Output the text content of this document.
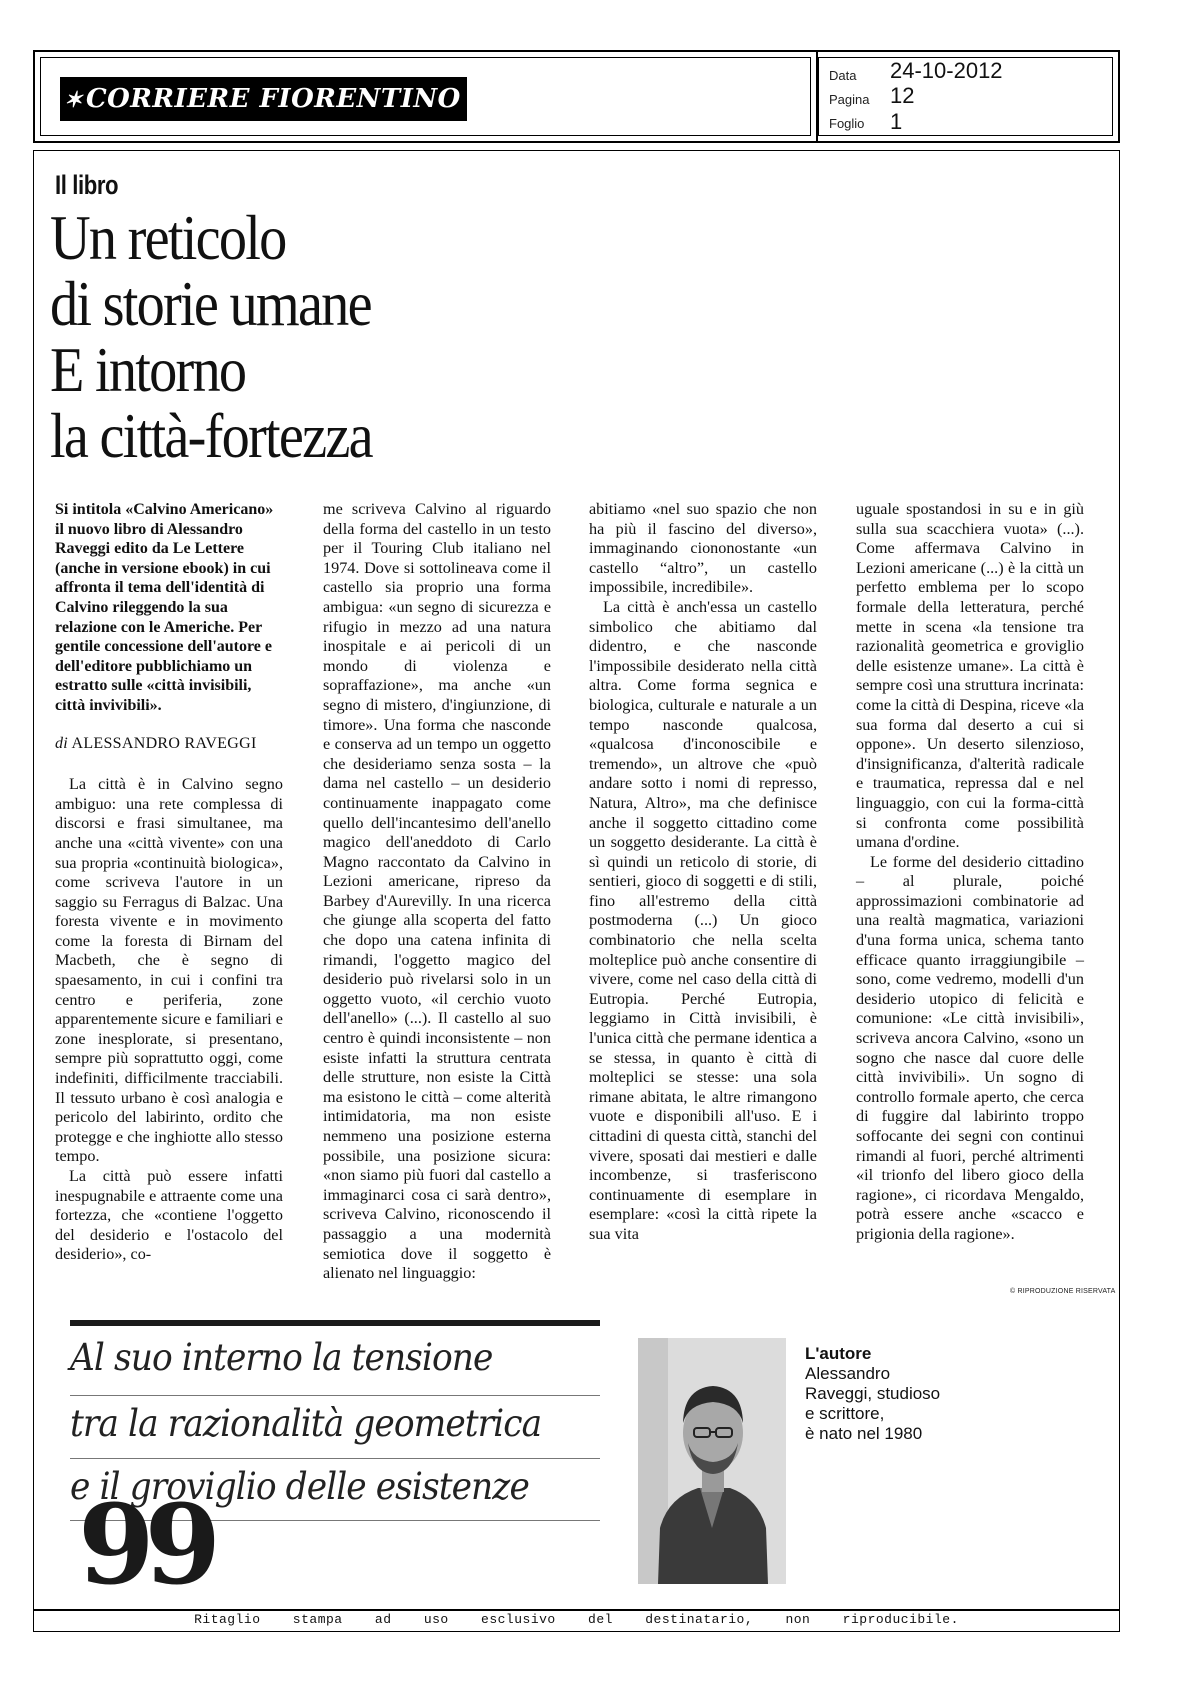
✶ CORRIERE FIORENTINO
Data 24-10-2012
Pagina 12
Foglio 1
Il libro
Un reticolo
di storie umane
E intorno
la città-fortezza

Si intitola «Calvino Americano» il nuovo libro di Alessandro Raveggi edito da Le Lettere (anche in versione ebook) in cui affronta il tema dell'identità di Calvino rileggendo la sua relazione con le Americhe. Per gentile concessione dell'autore e dell'editore pubblichiamo un estratto sulle «città invisibili, città invivibili».

di ALESSANDRO RAVEGGI

La città è in Calvino segno ambiguo: una rete complessa di discorsi e frasi simultanee, ma anche una «città vivente» con una sua propria «continuità biologica», come scriveva l'autore in un saggio su Ferragus di Balzac. Una foresta vivente e in movimento come la foresta di Birnam del Macbeth, che è segno di spaesamento, in cui i confini tra centro e periferia, zone apparentemente sicure e familiari e zone inesplorate, si presentano, sempre più soprattutto oggi, come indefiniti, difficilmente tracciabili. Il tessuto urbano è così analogia e pericolo del labirinto, ordito che protegge e che inghiotte allo stesso tempo.

La città può essere infatti inespugnabile e attraente come una fortezza, che «contiene l'oggetto del desiderio e l'ostacolo del desiderio», co-

me scriveva Calvino al riguardo della forma del castello in un testo per il Touring Club italiano nel 1974. Dove si sottolineava come il castello sia proprio una forma ambigua: «un segno di sicurezza e rifugio in mezzo ad una natura inospitale e ai pericoli di un mondo di violenza e sopraffazione», ma anche «un segno di mistero, d'ingiunzione, di timore». Una forma che nasconde e conserva ad un tempo un oggetto che desideriamo senza sosta – la dama nel castello – un desiderio continuamente inappagato come quello dell'incantesimo dell'anello magico dell'aneddoto di Carlo Magno raccontato da Calvino in Lezioni americane, ripreso da Barbey d'Aurevilly. In una ricerca che giunge alla scoperta del fatto che dopo una catena infinita di rimandi, l'oggetto magico del desiderio può rivelarsi solo in un oggetto vuoto, «il cerchio vuoto dell'anello» (...). Il castello al suo centro è quindi inconsistente – non esiste infatti la struttura centrata delle strutture, non esiste la Città ma esistono le città – come alterità intimidatoria, ma non esiste nemmeno una posizione esterna possibile, una posizione sicura: «non siamo più fuori dal castello a immaginarci cosa ci sarà dentro», scriveva Calvino, riconoscendo il passaggio a una modernità semiotica dove il soggetto è alienato nel linguaggio:

abitiamo «nel suo spazio che non ha più il fascino del diverso», immaginando ciononostante «un castello “altro”, un castello impossibile, incredibile».

La città è anch'essa un castello simbolico che abitiamo dal didentro, e che nasconde l'impossibile desiderato nella città altra. Come forma segnica e biologica, culturale e naturale a un tempo nasconde qualcosa, «qualcosa d'inconoscibile e tremendo», un altrove che «può andare sotto i nomi di represso, Natura, Altro», ma che definisce anche il soggetto cittadino come un soggetto desiderante. La città è sì quindi un reticolo di storie, di sentieri, gioco di soggetti e di stili, fino all'estremo della città postmoderna (...) Un gioco combinatorio che nella scelta molteplice può anche consentire di vivere, come nel caso della città di Eutropia. Perché Eutropia, leggiamo in Città invisibili, è l'unica città che permane identica a se stessa, in quanto è città di molteplici se stesse: una sola rimane abitata, le altre rimangono vuote e disponibili all'uso. E i cittadini di questa città, stanchi del vivere, sposati dai mestieri e dalle incombenze, si trasferiscono continuamente di esemplare in esemplare: «così la città ripete la sua vita

uguale spostandosi in su e in giù sulla sua scacchiera vuota» (...). Come affermava Calvino in Lezioni americane (...) è la città un perfetto emblema per lo scopo formale della letteratura, perché mette in scena «la tensione tra razionalità geometrica e groviglio delle esistenze umane». La città è sempre così una struttura incrinata: come la città di Despina, riceve «la sua forma dal deserto a cui si oppone». Un deserto silenzioso, d'insignificanza, d'alterità radicale e traumatica, repressa dal e nel linguaggio, con cui la forma-città si confronta come possibilità umana d'ordine.

Le forme del desiderio cittadino – al plurale, poiché approssimazioni combinatorie ad una realtà magmatica, variazioni d'una forma unica, schema tanto efficace quanto irraggiungibile – sono, come vedremo, modelli d'un desiderio utopico di felicità e comunione: «Le città invisibili», scriveva ancora Calvino, «sono un sogno che nasce dal cuore delle città invivibili». Un sogno di controllo formale aperto, che cerca di fuggire dal labirinto troppo soffocante dei segni con continui rimandi al fuori, perché altrimenti «il trionfo del libero gioco della ragione», ci ricordava Mengaldo, potrà essere anche «scacco e prigionia della ragione».

© RIPRODUZIONE RISERVATA
Al suo interno la tensione
tra la razionalità geometrica
e il groviglio delle esistenze
99
L'autore
Alessandro
Raveggi, studioso
e scrittore,
è nato nel 1980
Ritaglio stampa ad uso esclusivo del destinatario, non riproducibile.
